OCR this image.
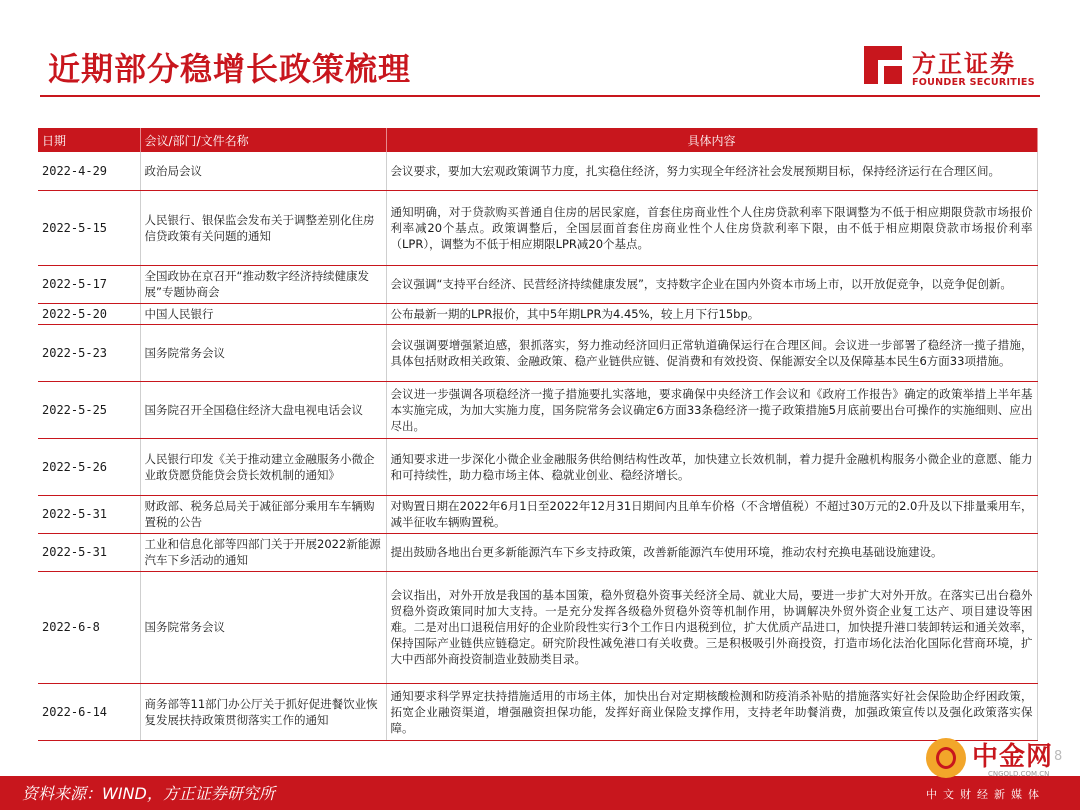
近期部分稳增长政策梳理	方正证券
FOUNDER SECURITIES
日期	会议/部门/文件名称	具体内容
2022-4-29	政治局会议	会议要求，要加大宏观政策调节力度，扎实稳住经济，努力实现全年经济社会发展预期目标，保持经济运行在合理区间。
2022-5-15	人民银行、银保监会发布关于调整差别化住房信贷政策有关问题的通知	通知明确，对于贷款购买普通自住房的居民家庭，首套住房商业性个人住房贷款利率下限调整为不低于相应期限贷款市场报价利率减20个基点。政策调整后，全国层面首套住房商业性个人住房贷款利率下限，由不低于相应期限贷款市场报价利率（LPR），调整为不低于相应期限LPR减20个基点。
2022-5-17	全国政协在京召开“推动数字经济持续健康发展”专题协商会	会议强调“支持平台经济、民营经济持续健康发展”，支持数字企业在国内外资本市场上市，以开放促竞争，以竞争促创新。
2022-5-20	中国人民银行	公布最新一期的LPR报价，其中5年期LPR为4.45%，较上月下行15bp。
2022-5-23	国务院常务会议	会议强调要增强紧迫感，狠抓落实，努力推动经济回归正常轨道确保运行在合理区间。会议进一步部署了稳经济一揽子措施，具体包括财政相关政策、金融政策、稳产业链供应链、促消费和有效投资、保能源安全以及保障基本民生6方面33项措施。
2022-5-25	国务院召开全国稳住经济大盘电视电话会议	会议进一步强调各项稳经济一揽子措施要扎实落地，要求确保中央经济工作会议和《政府工作报告》确定的政策举措上半年基本实施完成，为加大实施力度，国务院常务会议确定6方面33条稳经济一揽子政策措施5月底前要出台可操作的实施细则、应出尽出。
2022-5-26	人民银行印发《关于推动建立金融服务小微企业敢贷愿贷能贷会贷长效机制的通知》	通知要求进一步深化小微企业金融服务供给侧结构性改革，加快建立长效机制，着力提升金融机构服务小微企业的意愿、能力和可持续性，助力稳市场主体、稳就业创业、稳经济增长。
2022-5-31	财政部、税务总局关于减征部分乘用车车辆购置税的公告	对购置日期在2022年6月1日至2022年12月31日期间内且单车价格（不含增值税）不超过30万元的2.0升及以下排量乘用车，减半征收车辆购置税。
2022-5-31	工业和信息化部等四部门关于开展2022新能源汽车下乡活动的通知	提出鼓励各地出台更多新能源汽车下乡支持政策，改善新能源汽车使用环境，推动农村充换电基础设施建设。
2022-6-8	国务院常务会议	会议指出，对外开放是我国的基本国策，稳外贸稳外资事关经济全局、就业大局，要进一步扩大对外开放。在落实已出台稳外贸稳外资政策同时加大支持。一是充分发挥各级稳外贸稳外资等机制作用，协调解决外贸外资企业复工达产、项目建设等困难。二是对出口退税信用好的企业阶段性实行3个工作日内退税到位，扩大优质产品进口，加快提升港口装卸转运和通关效率，保持国际产业链供应链稳定。研究阶段性减免港口有关收费。三是积极吸引外商投资，打造市场化法治化国际化营商环境，扩大中西部外商投资制造业鼓励类目录。
2022-6-14	商务部等11部门办公厅关于抓好促进餐饮业恢复发展扶持政策贯彻落实工作的通知	通知要求科学界定扶持措施适用的市场主体，加快出台对定期核酸检测和防疫消杀补贴的措施落实好社会保险助企纾困政策，拓宽企业融资渠道，增强融资担保功能，发挥好商业保险支撑作用，支持老年助餐消费，加强政策宣传以及强化政策落实保障。
资料来源：WIND，方正证券研究所
中金网
CNGOLD.COM.CN
中文财经新媒体
8
